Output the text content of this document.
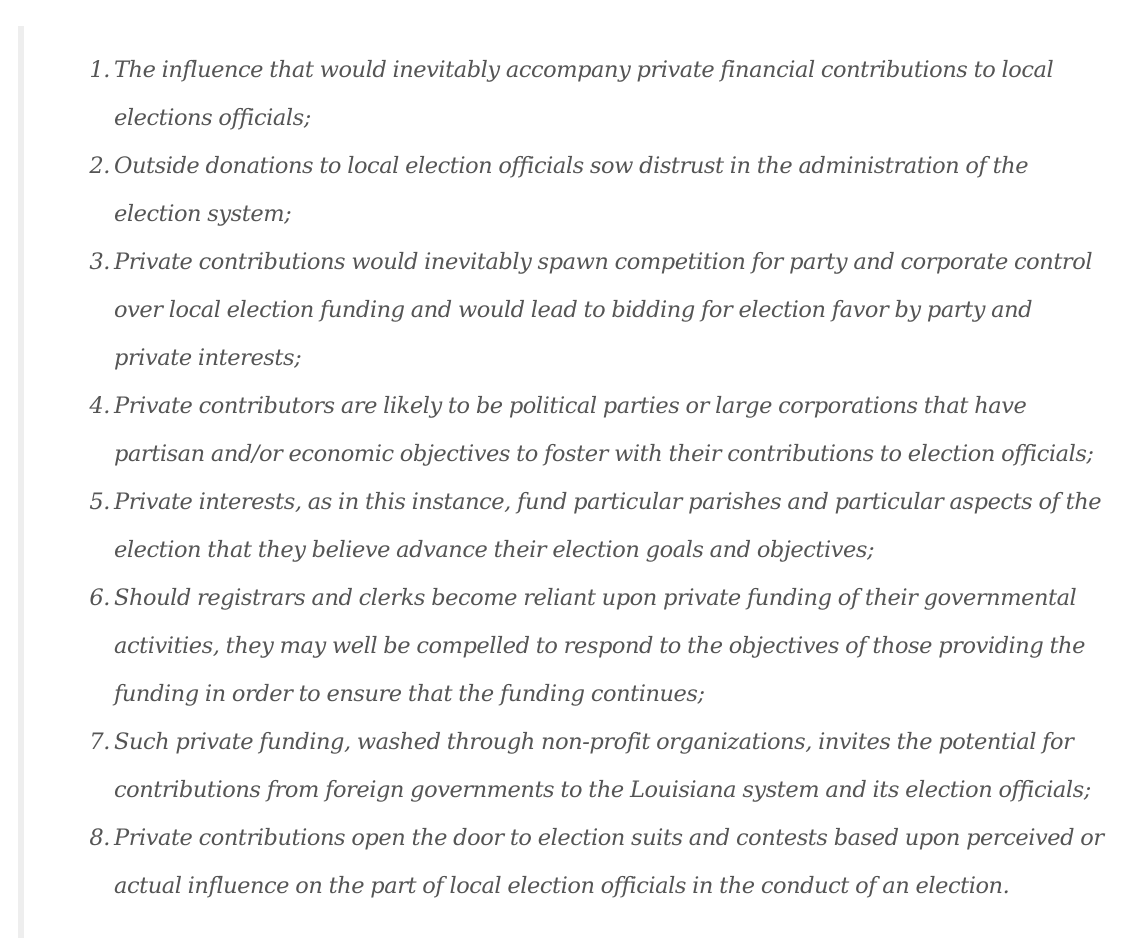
1. The influence that would inevitably accompany private financial contributions to local elections officials;
2. Outside donations to local election officials sow distrust in the administration of the election system;
3. Private contributions would inevitably spawn competition for party and corporate control over local election funding and would lead to bidding for election favor by party and private interests;
4. Private contributors are likely to be political parties or large corporations that have partisan and/or economic objectives to foster with their contributions to election officials;
5. Private interests, as in this instance, fund particular parishes and particular aspects of the election that they believe advance their election goals and objectives;
6. Should registrars and clerks become reliant upon private funding of their governmental activities, they may well be compelled to respond to the objectives of those providing the funding in order to ensure that the funding continues;
7. Such private funding, washed through non-profit organizations, invites the potential for contributions from foreign governments to the Louisiana system and its election officials;
8. Private contributions open the door to election suits and contests based upon perceived or actual influence on the part of local election officials in the conduct of an election.
